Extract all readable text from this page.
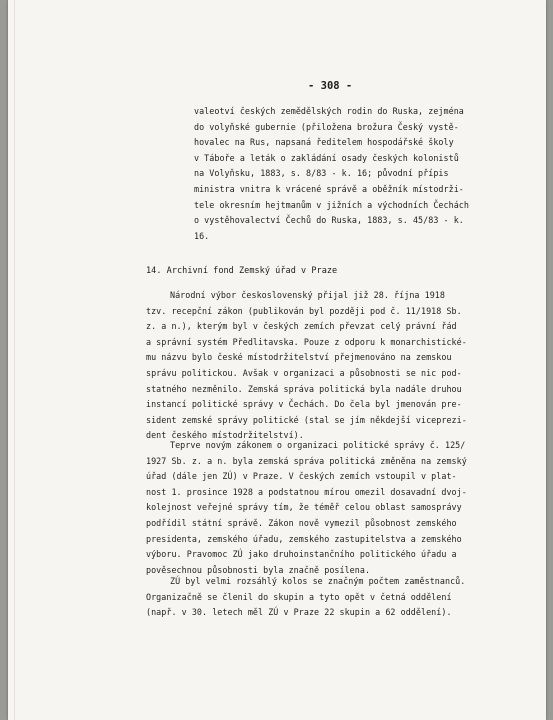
- 308 -
valeotví českých zemědělských rodin do Ruska, zejména
do volyňské gubernie (přiložena brožura Český vystě-
hovalec na Rus, napsaná ředitelem hospodářské školy
v Táboře a leták o zakládání osady českých kolonistů
na Volyňsku, 1883, s. 8/83 - k. 16; původní přípis
ministra vnitra k vrácené správě a oběžník místodrži-
tele okresním hejtmanům v jižních a východních Čechách
o vystěhovalectví Čechů do Ruska, 1883, s. 45/83 - k.
16.
14. Archivní fond Zemský úřad v Praze
Národní výbor československý přijal již 28. října 1918
tzv. recepční zákon (publikován byl později pod č. 11/1918 Sb.
z. a n.), kterým byl v českých zemích převzat celý právní řád
a správní systém Předlitavska. Pouze z odporu k monarchistické-
mu názvu bylo české místodržitelství přejmenováno na zemskou
správu politickou. Avšak v organizaci a působnosti se nic pod-
statného nezměnilo. Zemská správa politická byla nadále druhou
instancí politické správy v Čechách. Do čela byl jmenován pre-
sident zemské správy politické (stal se jím někdejší viceprezi-
dent českého místodržitelství).
Teprve novým zákonem o organizaci politické správy č. 125/
1927 Sb. z. a n. byla zemská správa politická změněna na zemský
úřad (dále jen ZÚ) v Praze. V českých zemích vstoupil v plat-
nost 1. prosince 1928 a podstatnou mírou omezil dosavadní dvoj-
kolejnost veřejné správy tím, že téměř celou oblast samosprávy
podřídil státní správě. Zákon nově vymezil působnost zemského
presidenta, zemského úřadu, zemského zastupitelstva a zemského
výboru. Pravomoc ZÚ jako druhoinstančního politického úřadu a
pověsechnou působnosti byla značně posílena.
ZÚ byl velmi rozsáhlý kolos se značným počtem zaměstnanců.
Organizačně se členil do skupin a tyto opět v četná oddělení
(např. v 30. letech měl ZÚ v Praze 22 skupin a 62 oddělení).
